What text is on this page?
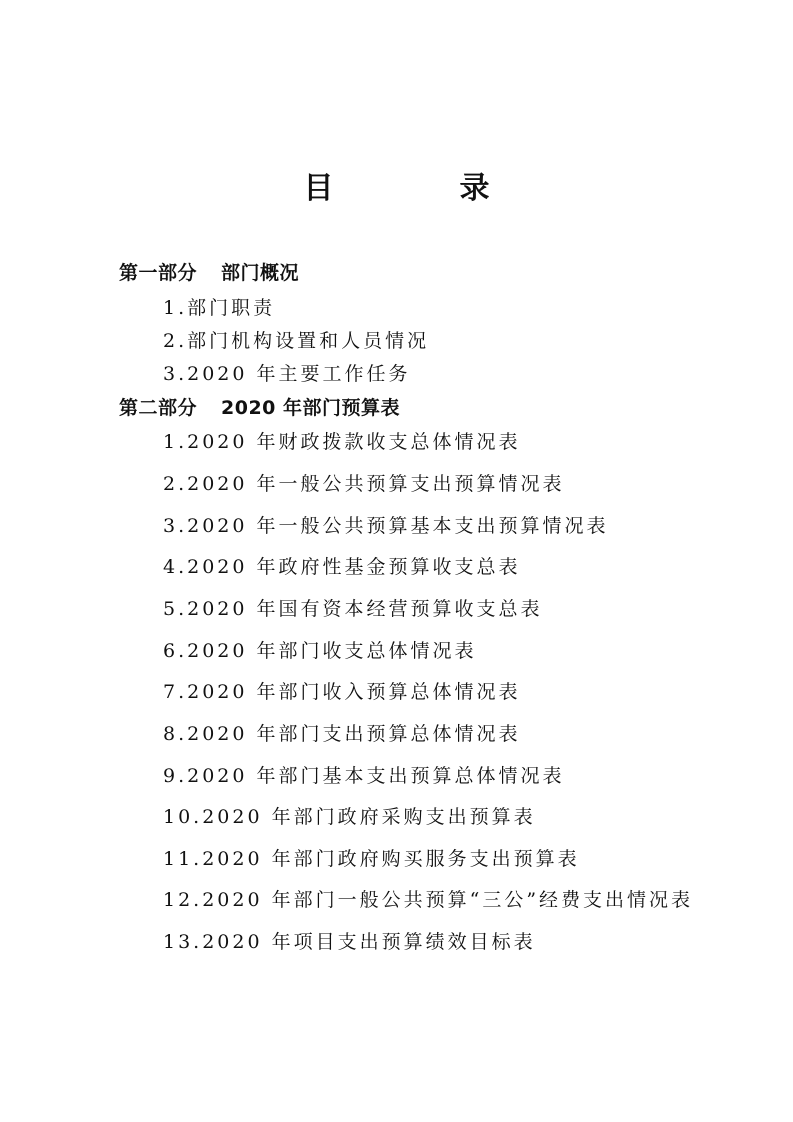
目　录
第一部分 部门概况
1.部门职责
2.部门机构设置和人员情况
3.2020 年主要工作任务
第二部分 2020 年部门预算表
1.2020 年财政拨款收支总体情况表
2.2020 年一般公共预算支出预算情况表
3.2020 年一般公共预算基本支出预算情况表
4.2020 年政府性基金预算收支总表
5.2020 年国有资本经营预算收支总表
6.2020 年部门收支总体情况表
7.2020 年部门收入预算总体情况表
8.2020 年部门支出预算总体情况表
9.2020 年部门基本支出预算总体情况表
10.2020 年部门政府采购支出预算表
11.2020 年部门政府购买服务支出预算表
12.2020 年部门一般公共预算“三公”经费支出情况表
13.2020 年项目支出预算绩效目标表
